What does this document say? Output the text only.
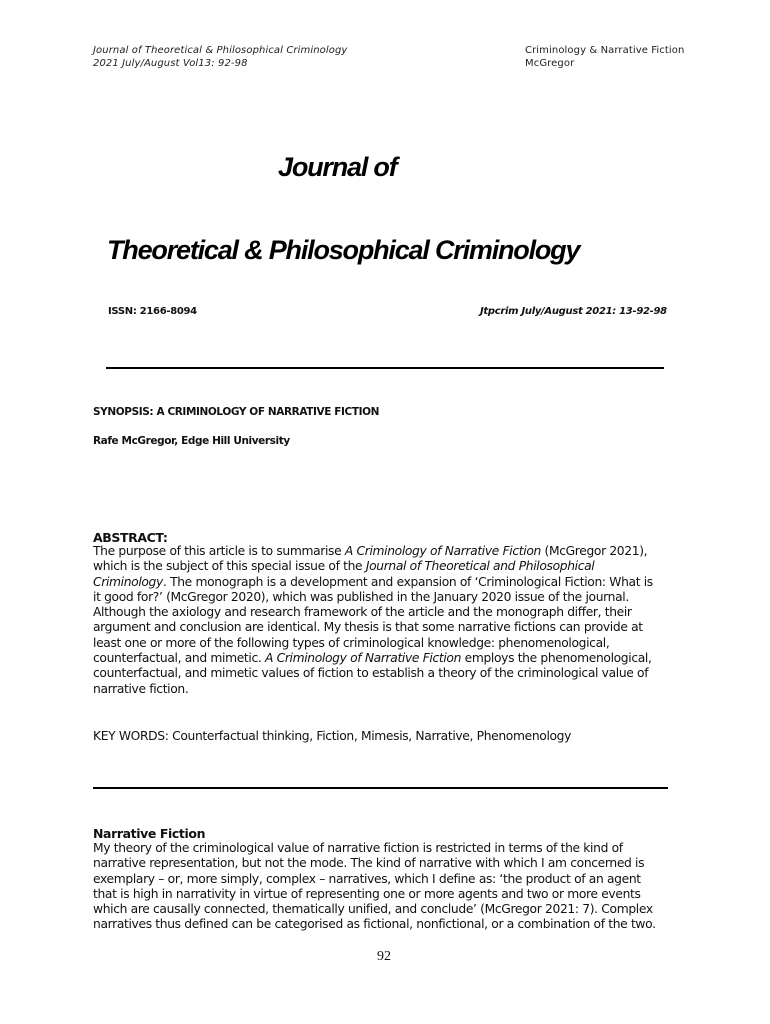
Journal of Theoretical & Philosophical Criminology
2021 July/August Vol13: 92-98
Criminology & Narrative Fiction
McGregor
Journal of
Theoretical & Philosophical Criminology
ISSN: 2166-8094	Jtpcrim July/August 2021: 13-92-98
SYNOPSIS: A CRIMINOLOGY OF NARRATIVE FICTION
Rafe McGregor, Edge Hill University
ABSTRACT:
The purpose of this article is to summarise A Criminology of Narrative Fiction (McGregor 2021),
which is the subject of this special issue of the Journal of Theoretical and Philosophical
Criminology. The monograph is a development and expansion of ‘Criminological Fiction: What is
it good for?’ (McGregor 2020), which was published in the January 2020 issue of the journal.
Although the axiology and research framework of the article and the monograph differ, their
argument and conclusion are identical. My thesis is that some narrative fictions can provide at
least one or more of the following types of criminological knowledge: phenomenological,
counterfactual, and mimetic. A Criminology of Narrative Fiction employs the phenomenological,
counterfactual, and mimetic values of fiction to establish a theory of the criminological value of
narrative fiction.
KEY WORDS: Counterfactual thinking, Fiction, Mimesis, Narrative, Phenomenology
Narrative Fiction
My theory of the criminological value of narrative fiction is restricted in terms of the kind of
narrative representation, but not the mode. The kind of narrative with which I am concerned is
exemplary – or, more simply, complex – narratives, which I define as: ‘the product of an agent
that is high in narrativity in virtue of representing one or more agents and two or more events
which are causally connected, thematically unified, and conclude’ (McGregor 2021: 7). Complex
narratives thus defined can be categorised as fictional, nonfictional, or a combination of the two.
92
